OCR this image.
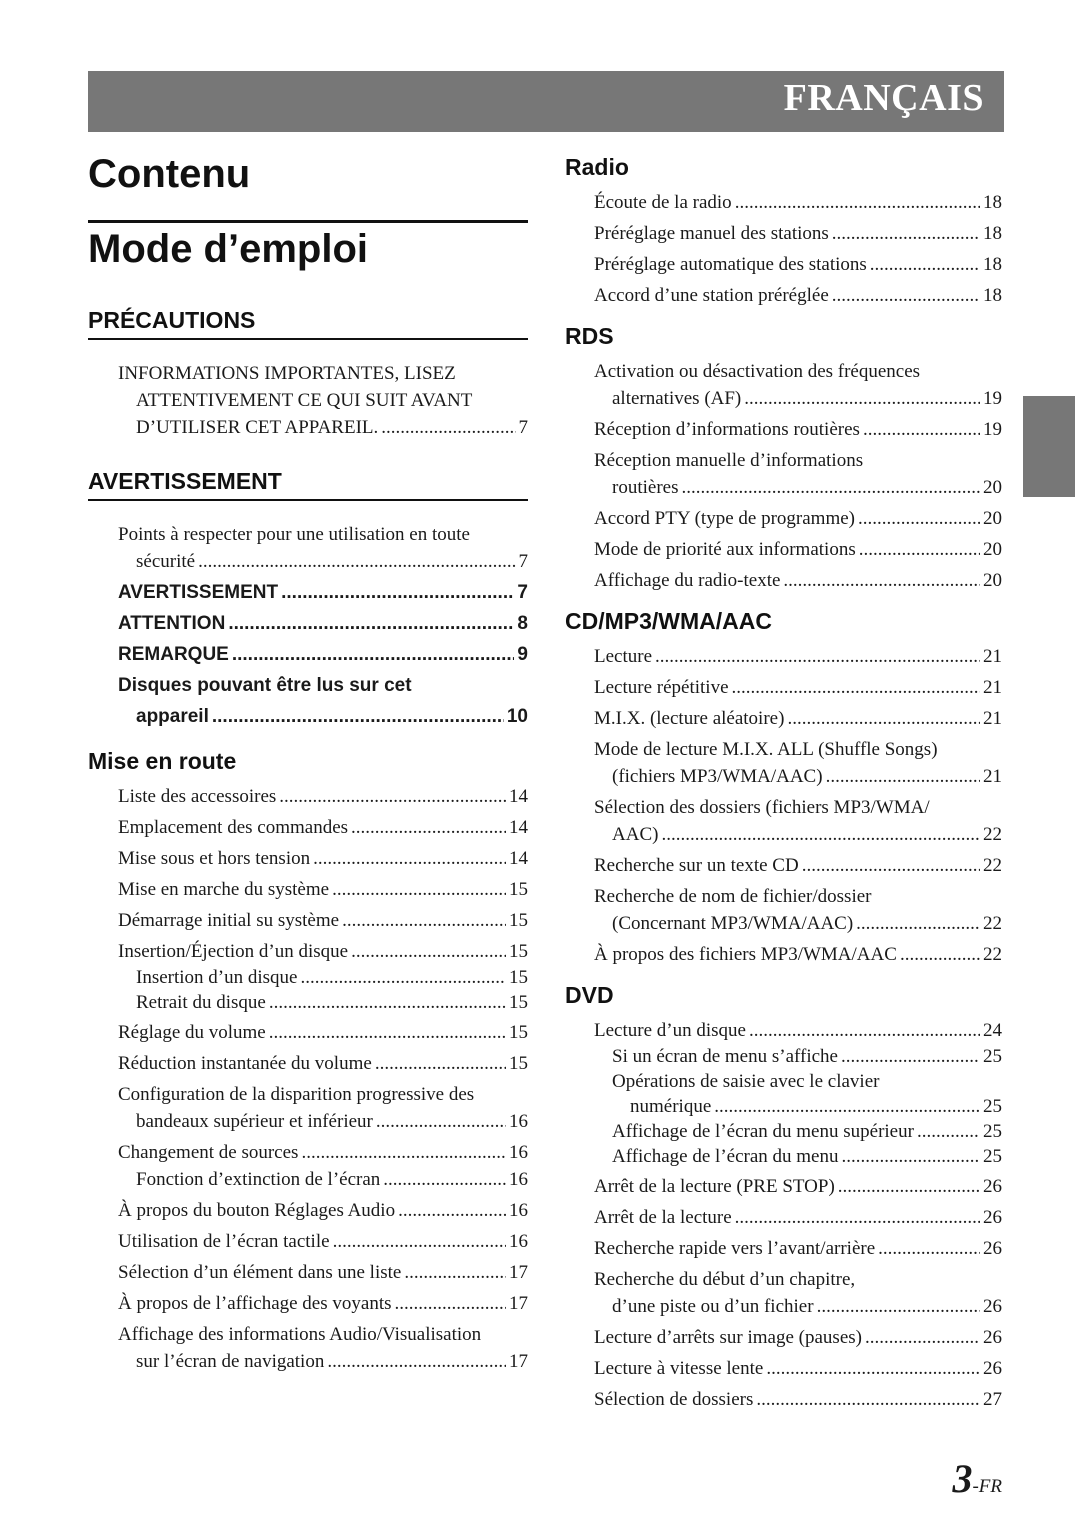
FRANÇAIS
Contenu
Mode d’emploi
PRÉCAUTIONS
INFORMATIONS IMPORTANTES, LISEZ
ATTENTIVEMENT CE QUI SUIT AVANT
D’UTILISER CET APPAREIL. .....	7
AVERTISSEMENT
Points à respecter pour une utilisation en toute
sécurité .....	7
AVERTISSEMENT .....	7
ATTENTION .....	8
REMARQUE .....	9
Disques pouvant être lus sur cet
appareil .....	10
Mise en route
Liste des accessoires .....	14
Emplacement des commandes .....	14
Mise sous et hors tension .....	14
Mise en marche du système .....	15
Démarrage initial su système .....	15
Insertion/Éjection d’un disque .....	15
Insertion d’un disque .....	15
Retrait du disque .....	15
Réglage du volume .....	15
Réduction instantanée du volume .....	15
Configuration de la disparition progressive des
bandeaux supérieur et inférieur .....	16
Changement de sources .....	16
Fonction d’extinction de l’écran .....	16
À propos du bouton Réglages Audio .....	16
Utilisation de l’écran tactile .....	16
Sélection d’un élément dans une liste .....	17
À propos de l’affichage des voyants .....	17
Affichage des informations Audio/Visualisation
sur l’écran de navigation .....	17
Radio
Écoute de la radio .....	18
Préréglage manuel des stations .....	18
Préréglage automatique des stations .....	18
Accord d’une station préréglée .....	18
RDS
Activation ou désactivation des fréquences
alternatives (AF) .....	19
Réception d’informations routières .....	19
Réception manuelle d’informations
routières .....	20
Accord PTY (type de programme) .....	20
Mode de priorité aux informations .....	20
Affichage du radio-texte .....	20
CD/MP3/WMA/AAC
Lecture .....	21
Lecture répétitive .....	21
M.I.X. (lecture aléatoire) .....	21
Mode de lecture M.I.X. ALL (Shuffle Songs)
(fichiers MP3/WMA/AAC) .....	21
Sélection des dossiers (fichiers MP3/WMA/
AAC) .....	22
Recherche sur un texte CD .....	22
Recherche de nom de fichier/dossier
(Concernant MP3/WMA/AAC) .....	22
À propos des fichiers MP3/WMA/AAC .....	22
DVD
Lecture d’un disque .....	24
Si un écran de menu s’affiche .....	25
Opérations de saisie avec le clavier
numérique .....	25
Affichage de l’écran du menu supérieur .....	25
Affichage de l’écran du menu .....	25
Arrêt de la lecture (PRE STOP) .....	26
Arrêt de la lecture .....	26
Recherche rapide vers l’avant/arrière .....	26
Recherche du début d’un chapitre,
d’une piste ou d’un fichier .....	26
Lecture d’arrêts sur image (pauses) .....	26
Lecture à vitesse lente .....	26
Sélection de dossiers .....	27
3-FR
